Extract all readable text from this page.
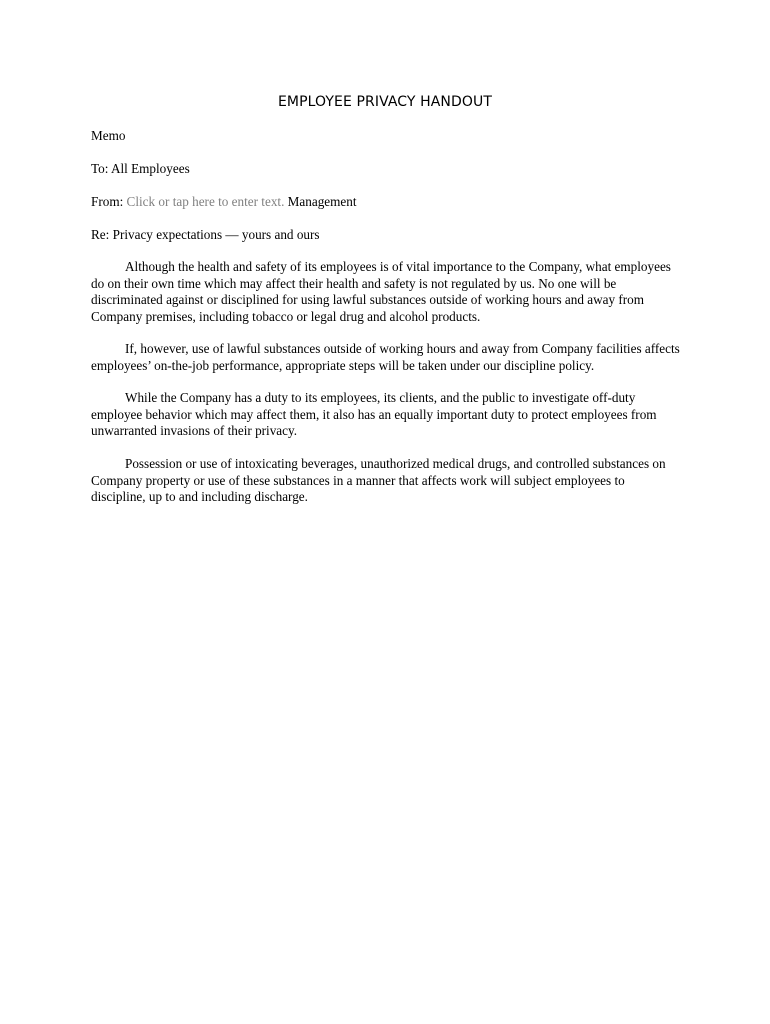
EMPLOYEE PRIVACY HANDOUT
Memo
To: All Employees
From: Click or tap here to enter text. Management
Re: Privacy expectations — yours and ours
Although the health and safety of its employees is of vital importance to the Company, what employees do on their own time which may affect their health and safety is not regulated by us. No one will be discriminated against or disciplined for using lawful substances outside of working hours and away from Company premises, including tobacco or legal drug and alcohol products.
If, however, use of lawful substances outside of working hours and away from Company facilities affects employees’ on-the-job performance, appropriate steps will be taken under our discipline policy.
While the Company has a duty to its employees, its clients, and the public to investigate off-duty employee behavior which may affect them, it also has an equally important duty to protect employees from unwarranted invasions of their privacy.
Possession or use of intoxicating beverages, unauthorized medical drugs, and controlled substances on Company property or use of these substances in a manner that affects work will subject employees to discipline, up to and including discharge.
